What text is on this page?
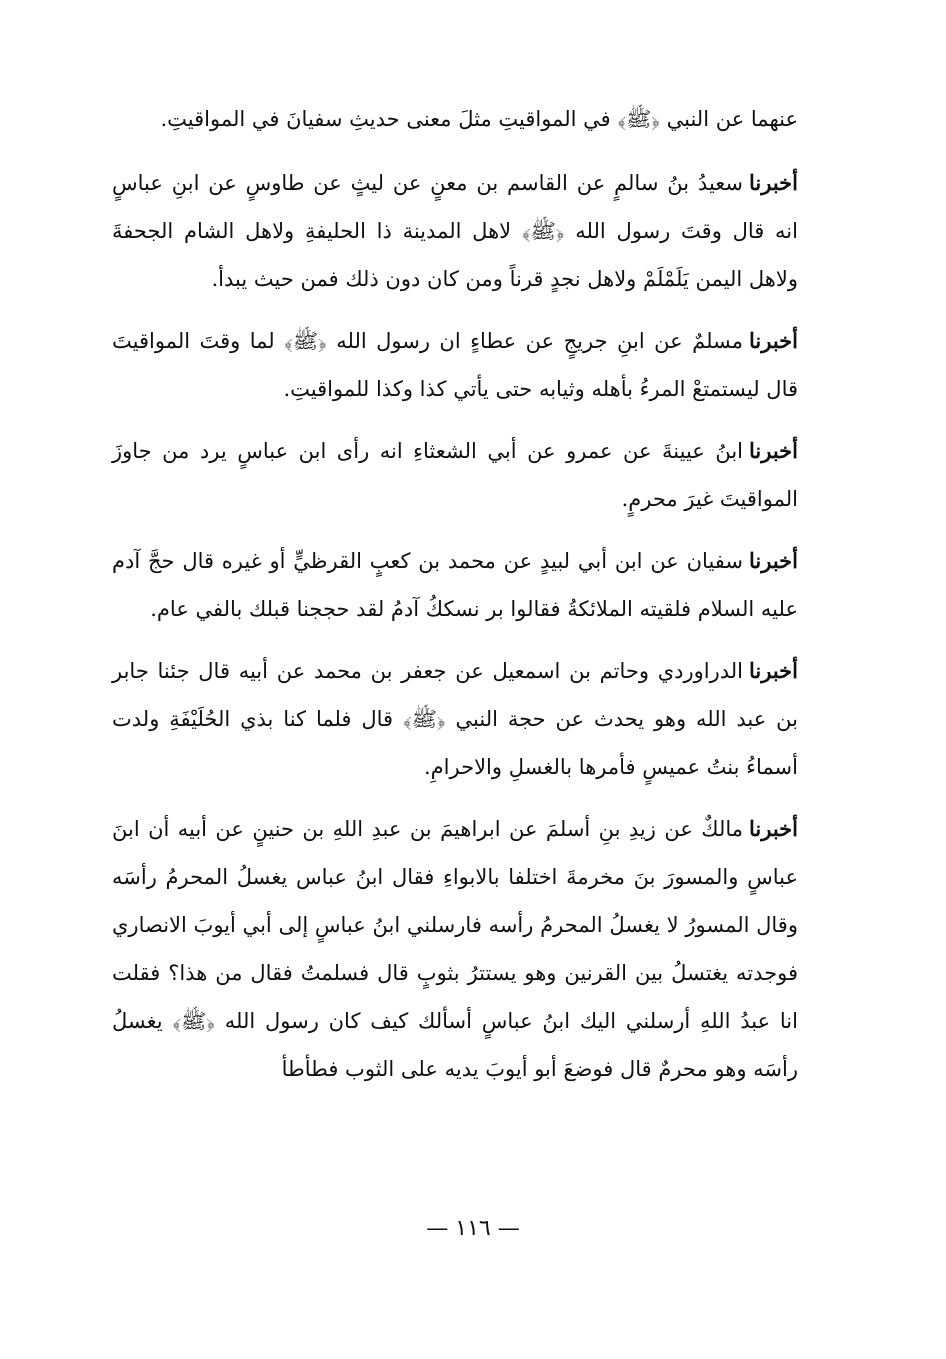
عنهما عن النبي ﴿ﷺ﴾ في المواقيتِ مثلَ معنى حديثِ سفيانَ في المواقيتِ.

أخبرناسعيدُ بنُ سالمٍ عن القاسم بن معنٍ عن ليثٍ عن طاوسٍ عن ابنِ عباسٍ انه قال وقتَ رسول الله ﴿ﷺ﴾ لاهل المدينة ذا الحليفةِ ولاهل الشام الجحفةَ ولاهل اليمن يَلَمْلَمْ ولاهل نجدٍ قرناً ومن كان دون ذلك فمن حيث يبدأ.

أخبرنامسلمٌ عن ابنِ جريجٍ عن عطاءٍ ان رسول الله ﴿ﷺ﴾ لما وقتَ المواقيتَ قال ليستمتعْ المرءُ بأهله وثيابه حتى يأتي كذا وكذا للمواقيتِ.

أخبرناابنُ عيينةَ عن عمرو عن أبي الشعثاءِ انه رأى ابن عباسٍ يرد من جاوزَ المواقيتَ غيرَ محرمٍ.

أخبرناسفيان عن ابن أبي لبيدٍ عن محمد بن كعبٍ القرظيٍّ أو غيره قال حجَّ آدم عليه السلام فلقيته الملائكةُ فقالوا بر نسككُ آدمُ لقد حججنا قبلك بالفي عام.

أخبرناالدراوردي وحاتم بن اسمعيل عن جعفر بن محمد عن أبيه قال جئنا جابر بن عبد الله وهو يحدث عن حجة النبي ﴿ﷺ﴾ قال فلما كنا بذي الحُلَيْفَةِ ولدت أسماءُ بنتُ عميسٍ فأمرها بالغسلِ والاحرامِ.

أخبرنامالكٌ عن زيدِ بنِ أسلمَ عن ابراهيمَ بن عبدِ اللهِ بن حنينٍ عن أبيه أن ابنَ عباسٍ والمسورَ بنَ مخرمةَ اختلفا بالابواءِ فقال ابنُ عباس يغسلُ المحرمُ رأسَه وقال المسورُ لا يغسلُ المحرمُ رأسه فارسلني ابنُ عباسٍ إلى أبي أيوبَ الانصاري فوجدته يغتسلُ بين القرنين وهو يستترُ بثوبٍ قال فسلمتُ فقال من هذا؟ فقلت انا عبدُ اللهِ أرسلني اليك ابنُ عباسٍ أسألك كيف كان رسول الله ﴿ﷺ﴾ يغسلُ رأسَه وهو محرمٌ قال فوضعَ أبو أيوبَ يديه على الثوب فطأطأ

— ١١٦ —
